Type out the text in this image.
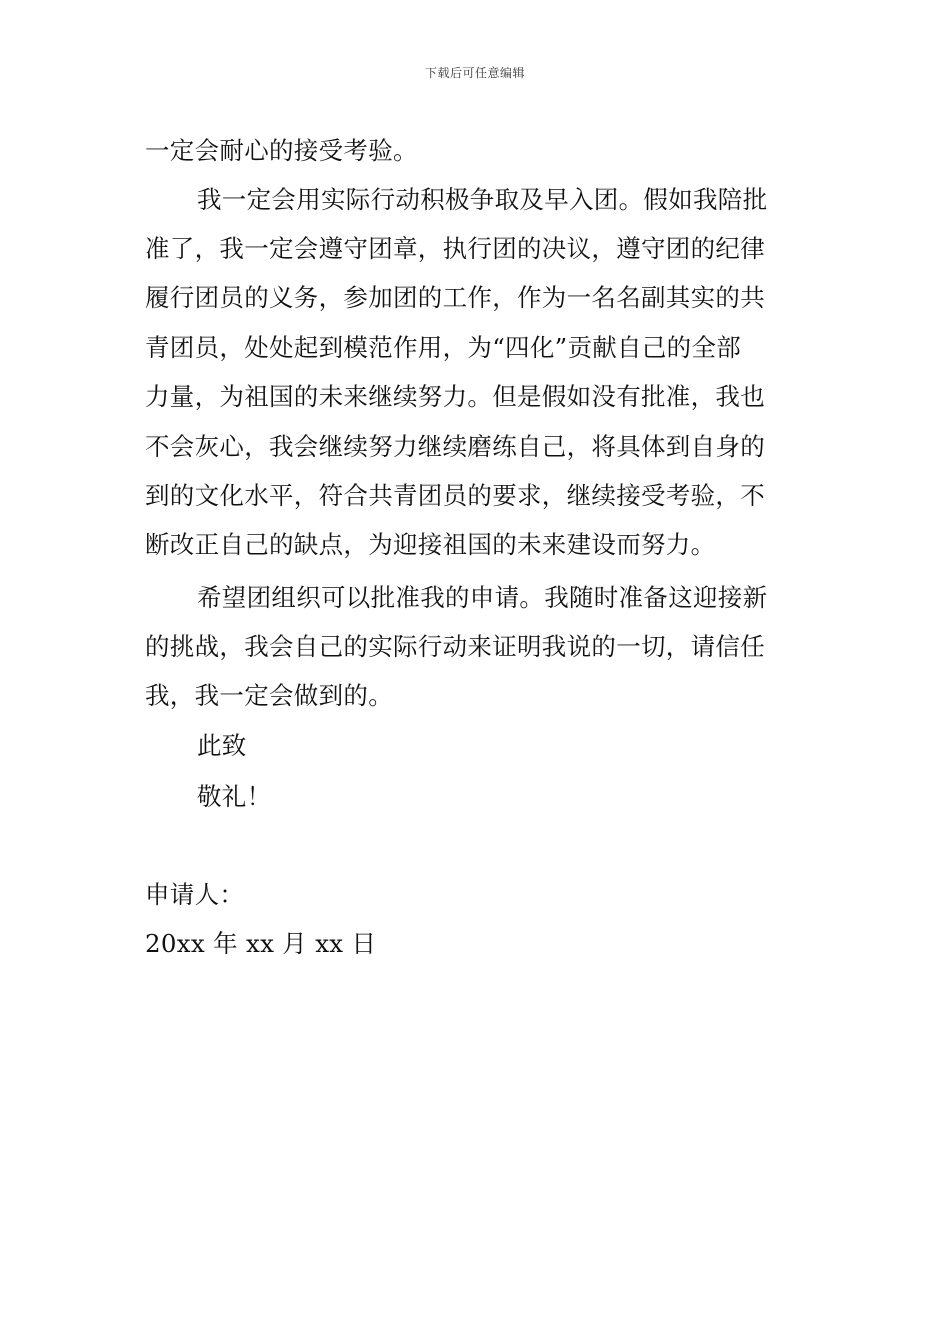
下载后可任意编辑
一定会耐心的接受考验。
我一定会用实际行动积极争取及早入团。假如我陪批
准了，我一定会遵守团章，执行团的决议，遵守团的纪律
履行团员的义务，参加团的工作，作为一名名副其实的共
青团员，处处起到模范作用，为“四化”贡献自己的全部
力量，为祖国的未来继续努力。但是假如没有批准，我也
不会灰心，我会继续努力继续磨练自己，将具体到自身的
到的文化水平，符合共青团员的要求，继续接受考验，不
断改正自己的缺点，为迎接祖国的未来建设而努力。
希望团组织可以批准我的申请。我随时准备这迎接新
的挑战，我会自己的实际行动来证明我说的一切，请信任
我，我一定会做到的。
此致
敬礼！
申请人：
20xx 年 xx 月 xx 日
